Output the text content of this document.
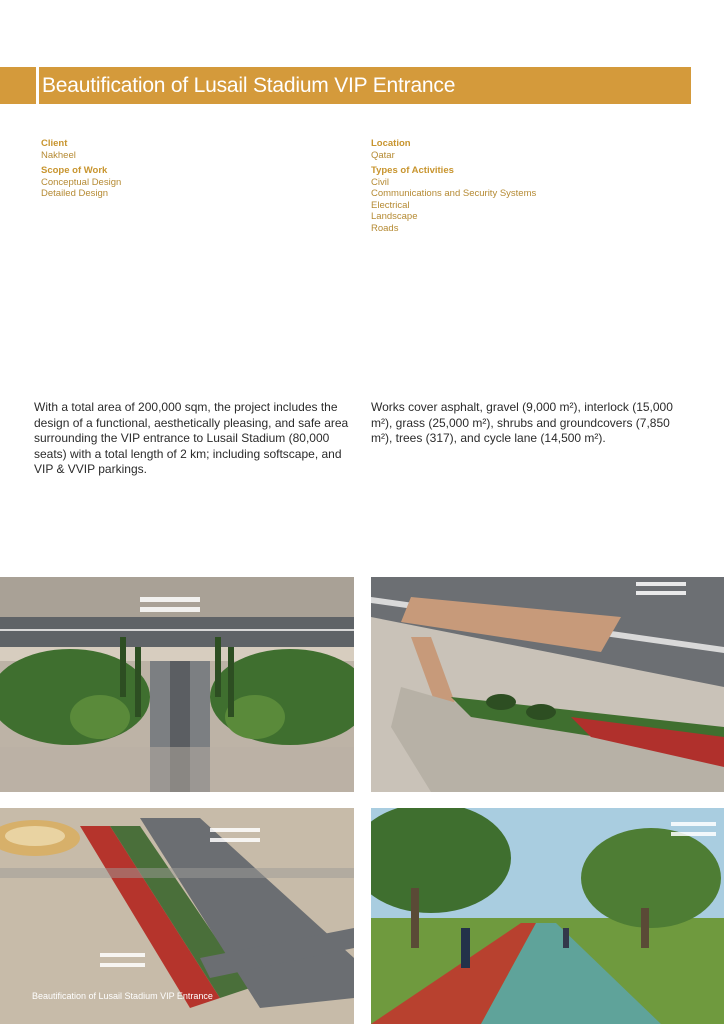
Beautification of Lusail Stadium VIP Entrance
Client
Nakheel
Scope of Work
Conceptual Design
Detailed Design
Location
Qatar
Types of Activities
Civil
Communications and Security Systems
Electrical
Landscape
Roads
With a total area of 200,000 sqm, the project includes the design of a functional, aesthetically pleasing, and safe area surrounding the VIP entrance to Lusail Stadium (80,000 seats) with a total length of 2 km; including softscape, and VIP & VVIP parkings.
Works cover asphalt, gravel (9,000 m²), interlock (15,000 m²), grass (25,000 m²), shrubs and groundcovers (7,850 m²), trees (317), and cycle lane (14,500 m²).
Beautification of Lusail Stadium VIP Entrance
